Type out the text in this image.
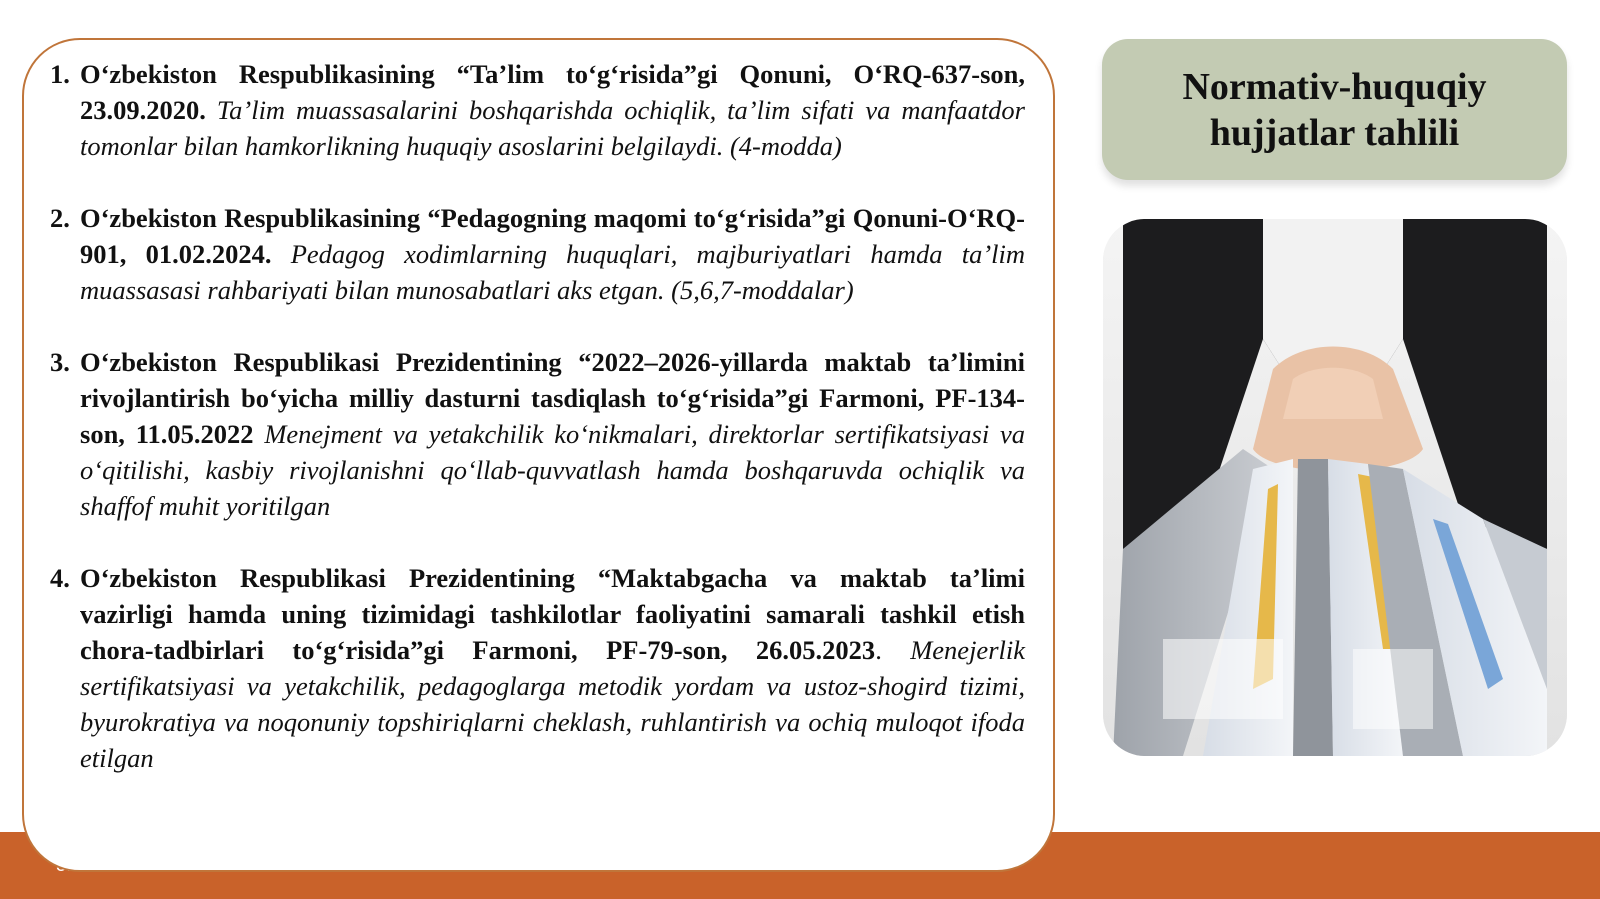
1. O‘zbekiston Respublikasining “Ta’lim to‘g‘risida”gi Qonuni, O‘RQ-637-son, 23.09.2020. Ta’lim muassasalarini boshqarishda ochiqlik, ta’lim sifati va manfaatdor tomonlar bilan hamkorlikning huquqiy asoslarini belgilaydi. (4-modda)
2. O‘zbekiston Respublikasining “Pedagogning maqomi to‘g‘risida”gi Qonuni-O‘RQ-901, 01.02.2024. Pedagog xodimlarning huquqlari, majburiyatlari hamda ta’lim muassasasi rahbariyati bilan munosabatlari aks etgan. (5,6,7-moddalar)
3. O‘zbekiston Respublikasi Prezidentining “2022–2026-yillarda maktab ta’limini rivojlantirish bo‘yicha milliy dasturni tasdiqlash to‘g‘risida”gi Farmoni, PF-134-son, 11.05.2022 Menejment va yetakchilik ko‘nikmalari, direktorlar sertifikatsiyasi va o‘qitilishi, kasbiy rivojlanishni qo‘llab-quvvatlash hamda boshqaruvda ochiqlik va shaffof muhit yoritilgan
4. O‘zbekiston Respublikasi Prezidentining “Maktabgacha va maktab ta’limi vazirligi hamda uning tizimidagi tashkilotlar faoliyatini samarali tashkil etish chora-tadbirlari to‘g‘risida”gi Farmoni, PF-79-son, 26.05.2023. Menejerlik sertifikatsiyasi va yetakchilik, pedagoglarga metodik yordam va ustoz-shogird tizimi, byurokratiya va noqonuniy topshiriqlarni cheklash, ruhlantirish va ochiq muloqot ifoda etilgan
Normativ-huquqiy
hujjatlar tahlili
